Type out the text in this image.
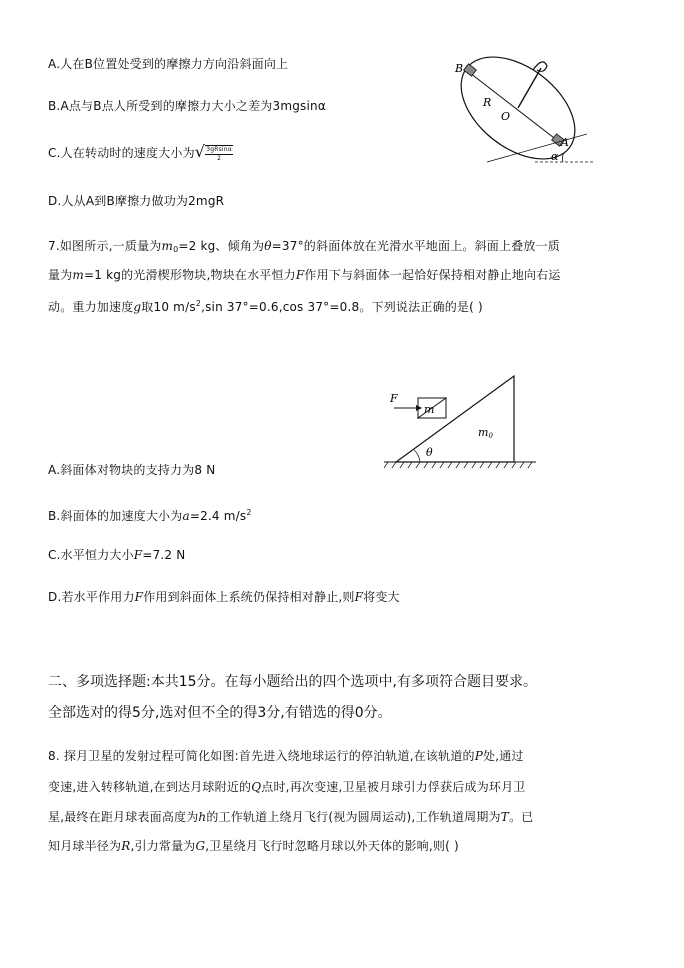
A.人在B位置处受到的摩擦力方向沿斜面向上
B.A点与B点人所受到的摩擦力大小之差为3mgsinα
C.人在转动时的速度大小为√ $\frac{3gRsin\alpha}{2}$
D.人从A到B摩擦力做功为2mgR
B
R
O
A
α
7.如图所示,一质量为$m_0=2$ kg、倾角为θ=37°的斜面体放在光滑水平地面上。斜面上叠放一质
量为m=1 kg的光滑楔形物块,物块在水平恒力F作用下与斜面体一起恰好保持相对静止地向右运
动。重力加速度g取10 $m/s^2,\sin$ 37°=0.6,cos 37°=0.8。下列说法正确的是( )
F
m
m0
θ
A.斜面体对物块的支持力为8 N
B.斜面体的加速度大小为a=2.4 $m/s^2$
C.水平恒力大小F=7.2 N
D.若水平作用力F作用到斜面体上系统仍保持相对静止,则F将变大
二、多项选择题:本共15分。在每小题给出的四个选项中,有多项符合题目要求。
全部选对的得5分,选对但不全的得3分,有错选的得0分。
8. 探月卫星的发射过程可简化如图:首先进入绕地球运行的停泊轨道,在该轨道的P处,通过
变速,进入转移轨道,在到达月球附近的Q点时,再次变速,卫星被月球引力俘获后成为环月卫
星,最终在距月球表面高度为h的工作轨道上绕月飞行(视为圆周运动),工作轨道周期为T。已
知月球半径为R,引力常量为G,卫星绕月飞行时忽略月球以外天体的影响,则( )
